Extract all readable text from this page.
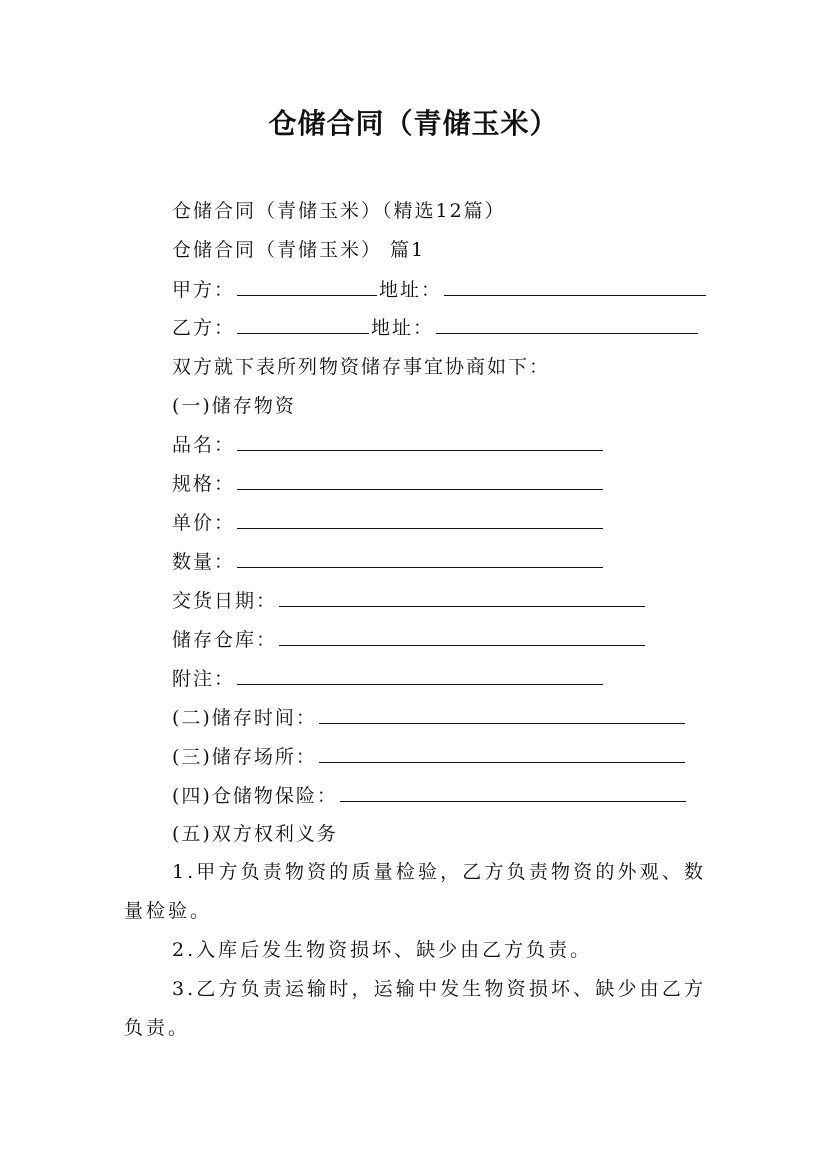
仓储合同（青储玉米）
仓储合同（青储玉米）（精选12篇）
仓储合同（青储玉米） 篇1
甲方：	地址：
乙方：	地址：
双方就下表所列物资储存事宜协商如下：
(一)储存物资
品名：
规格：
单价：
数量：
交货日期：
储存仓库：
附注：
(二)储存时间：
(三)储存场所：
(四)仓储物保险：
(五)双方权利义务
1.甲方负责物资的质量检验，乙方负责物资的外观、数量检验。
2.入库后发生物资损坏、缺少由乙方负责。
3.乙方负责运输时，运输中发生物资损坏、缺少由乙方负责。
